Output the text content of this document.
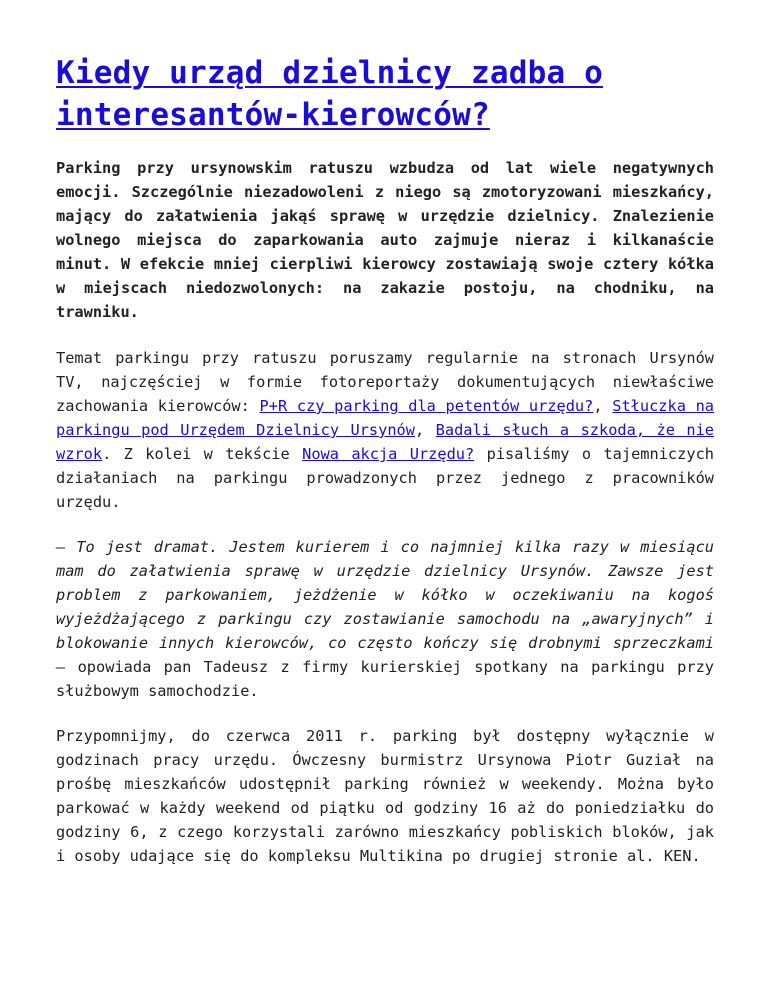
Kiedy urząd dzielnicy zadba o interesantów-kierowców?

Parking przy ursynowskim ratuszu wzbudza od lat wiele negatywnych emocji. Szczególnie niezadowoleni z niego są zmotoryzowani mieszkańcy, mający do załatwienia jakąś sprawę w urzędzie dzielnicy. Znalezienie wolnego miejsca do zaparkowania auto zajmuje nieraz i kilkanaście minut. W efekcie mniej cierpliwi kierowcy zostawiają swoje cztery kółka w miejscach niedozwolonych: na zakazie postoju, na chodniku, na trawniku.

Temat parkingu przy ratuszu poruszamy regularnie na stronach Ursynów TV, najczęściej w formie fotoreportaży dokumentujących niewłaściwe zachowania kierowców: P+R czy parking dla petentów urzędu?, Stłuczka na parkingu pod Urzędem Dzielnicy Ursynów, Badali słuch a szkoda, że nie wzrok. Z kolei w tekście Nowa akcja Urzędu? pisaliśmy o tajemniczych działaniach na parkingu prowadzonych przez jednego z pracowników urzędu.

– To jest dramat. Jestem kurierem i co najmniej kilka razy w miesiącu mam do załatwienia sprawę w urzędzie dzielnicy Ursynów. Zawsze jest problem z parkowaniem, jeżdżenie w kółko w oczekiwaniu na kogoś wyjeżdżającego z parkingu czy zostawianie samochodu na „awaryjnych” i blokowanie innych kierowców, co często kończy się drobnymi sprzeczkami – opowiada pan Tadeusz z firmy kurierskiej spotkany na parkingu przy służbowym samochodzie.

Przypomnijmy, do czerwca 2011 r. parking był dostępny wyłącznie w godzinach pracy urzędu. Ówczesny burmistrz Ursynowa Piotr Guział na prośbę mieszkańców udostępnił parking również w weekendy. Można było parkować w każdy weekend od piątku od godziny 16 aż do poniedziałku do godziny 6, z czego korzystali zarówno mieszkańcy pobliskich bloków, jak i osoby udające się do kompleksu Multikina po drugiej stronie al. KEN.
